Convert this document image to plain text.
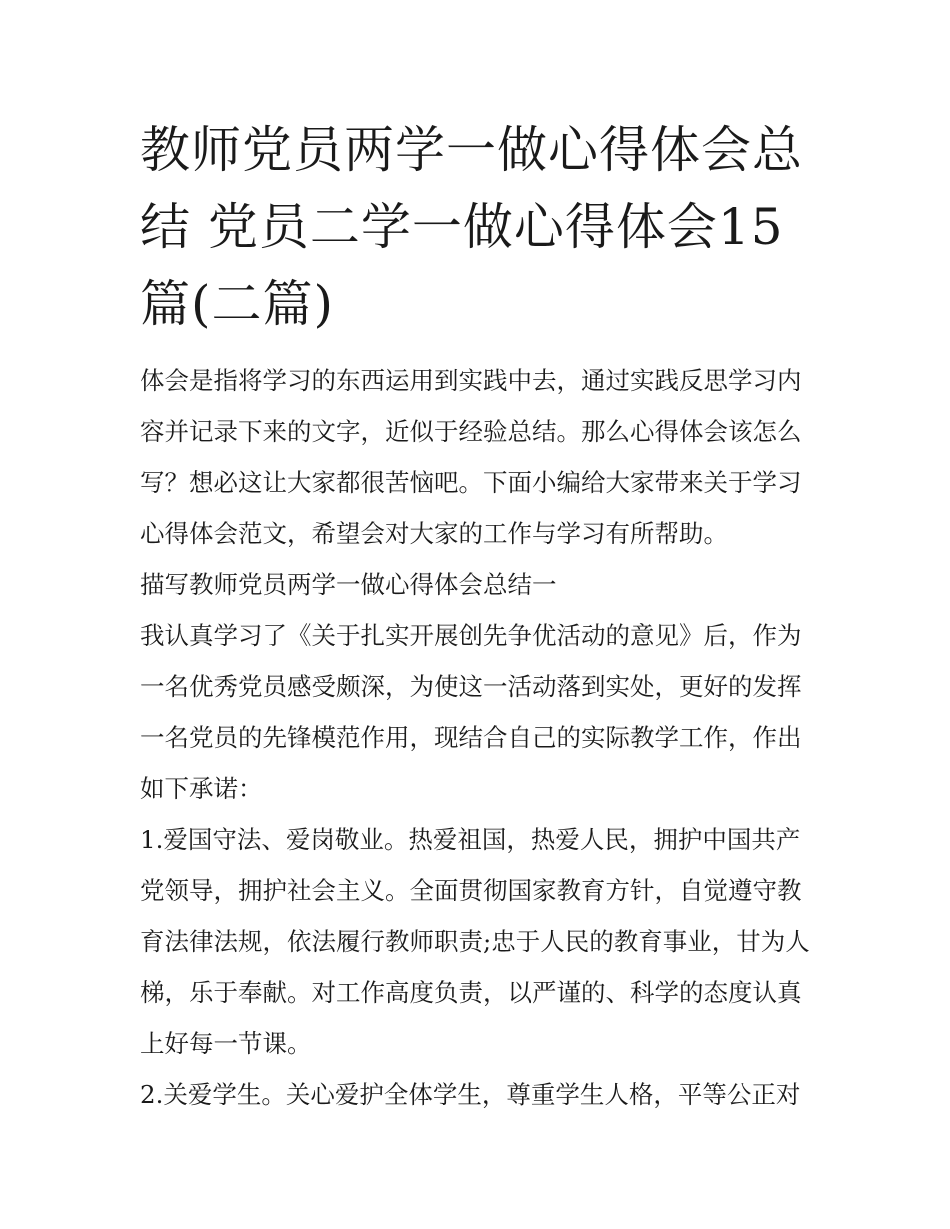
教师党员两学一做心得体会总结 党员二学一做心得体会15篇(二篇)

体会是指将学习的东西运用到实践中去，通过实践反思学习内容并记录下来的文字，近似于经验总结。那么心得体会该怎么写？想必这让大家都很苦恼吧。下面小编给大家带来关于学习心得体会范文，希望会对大家的工作与学习有所帮助。

描写教师党员两学一做心得体会总结一

我认真学习了《关于扎实开展创先争优活动的意见》后，作为一名优秀党员感受颇深，为使这一活动落到实处，更好的发挥一名党员的先锋模范作用，现结合自己的实际教学工作，作出如下承诺：

1.爱国守法、爱岗敬业。热爱祖国，热爱人民，拥护中国共产党领导，拥护社会主义。全面贯彻国家教育方针，自觉遵守教育法律法规，依法履行教师职责;忠于人民的教育事业，甘为人梯，乐于奉献。对工作高度负责，以严谨的、科学的态度认真上好每一节课。

2.关爱学生。关心爱护全体学生，尊重学生人格，平等公正对
